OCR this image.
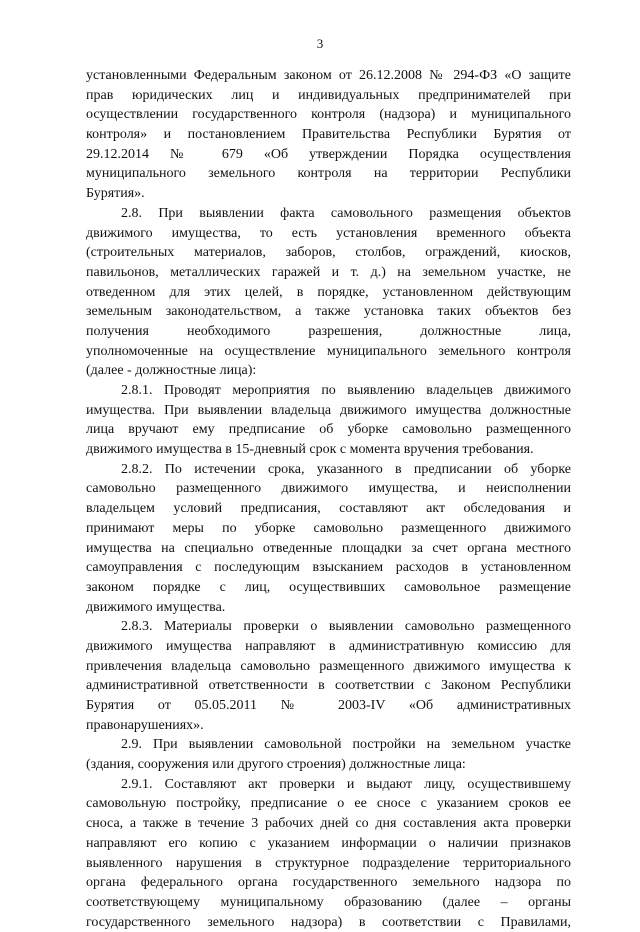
3
установленными Федеральным законом от 26.12.2008 № 294-ФЗ «О защите
прав юридических лиц и индивидуальных предпринимателей при
осуществлении государственного контроля (надзора) и муниципального
контроля» и постановлением Правительства Республики Бурятия от
29.12.2014 № 679 «Об утверждении Порядка осуществления
муниципального земельного контроля на территории Республики
Бурятия».
2.8. При выявлении факта самовольного размещения объектов
движимого имущества, то есть установления временного объекта
(строительных материалов, заборов, столбов, ограждений, киосков,
павильонов, металлических гаражей и т. д.) на земельном участке, не
отведенном для этих целей, в порядке, установленном действующим
земельным законодательством, а также установка таких объектов без
получения необходимого разрешения, должностные лица,
уполномоченные на осуществление муниципального земельного контроля
(далее - должностные лица):
2.8.1. Проводят мероприятия по выявлению владельцев движимого
имущества. При выявлении владельца движимого имущества должностные
лица вручают ему предписание об уборке самовольно размещенного
движимого имущества в 15-дневный срок с момента вручения требования.
2.8.2. По истечении срока, указанного в предписании об уборке
самовольно размещенного движимого имущества, и неисполнении
владельцем условий предписания, составляют акт обследования и
принимают меры по уборке самовольно размещенного движимого
имущества на специально отведенные площадки за счет органа местного
самоуправления с последующим взысканием расходов в установленном
законом порядке с лиц, осуществивших самовольное размещение
движимого имущества.
2.8.3. Материалы проверки о выявлении самовольно размещенного
движимого имущества направляют в административную комиссию для
привлечения владельца самовольно размещенного движимого имущества к
административной ответственности в соответствии с Законом Республики
Бурятия от 05.05.2011 № 2003-IV «Об административных
правонарушениях».
2.9. При выявлении самовольной постройки на земельном участке
(здания, сооружения или другого строения) должностные лица:
2.9.1. Составляют акт проверки и выдают лицу, осуществившему
самовольную постройку, предписание о ее сносе с указанием сроков ее
сноса, а также в течение 3 рабочих дней со дня составления акта проверки
направляют его копию с указанием информации о наличии признаков
выявленного нарушения в структурное подразделение территориального
органа федерального органа государственного земельного надзора по
соответствующему муниципальному образованию (далее – органы
государственного земельного надзора) в соответствии с Правилами,
